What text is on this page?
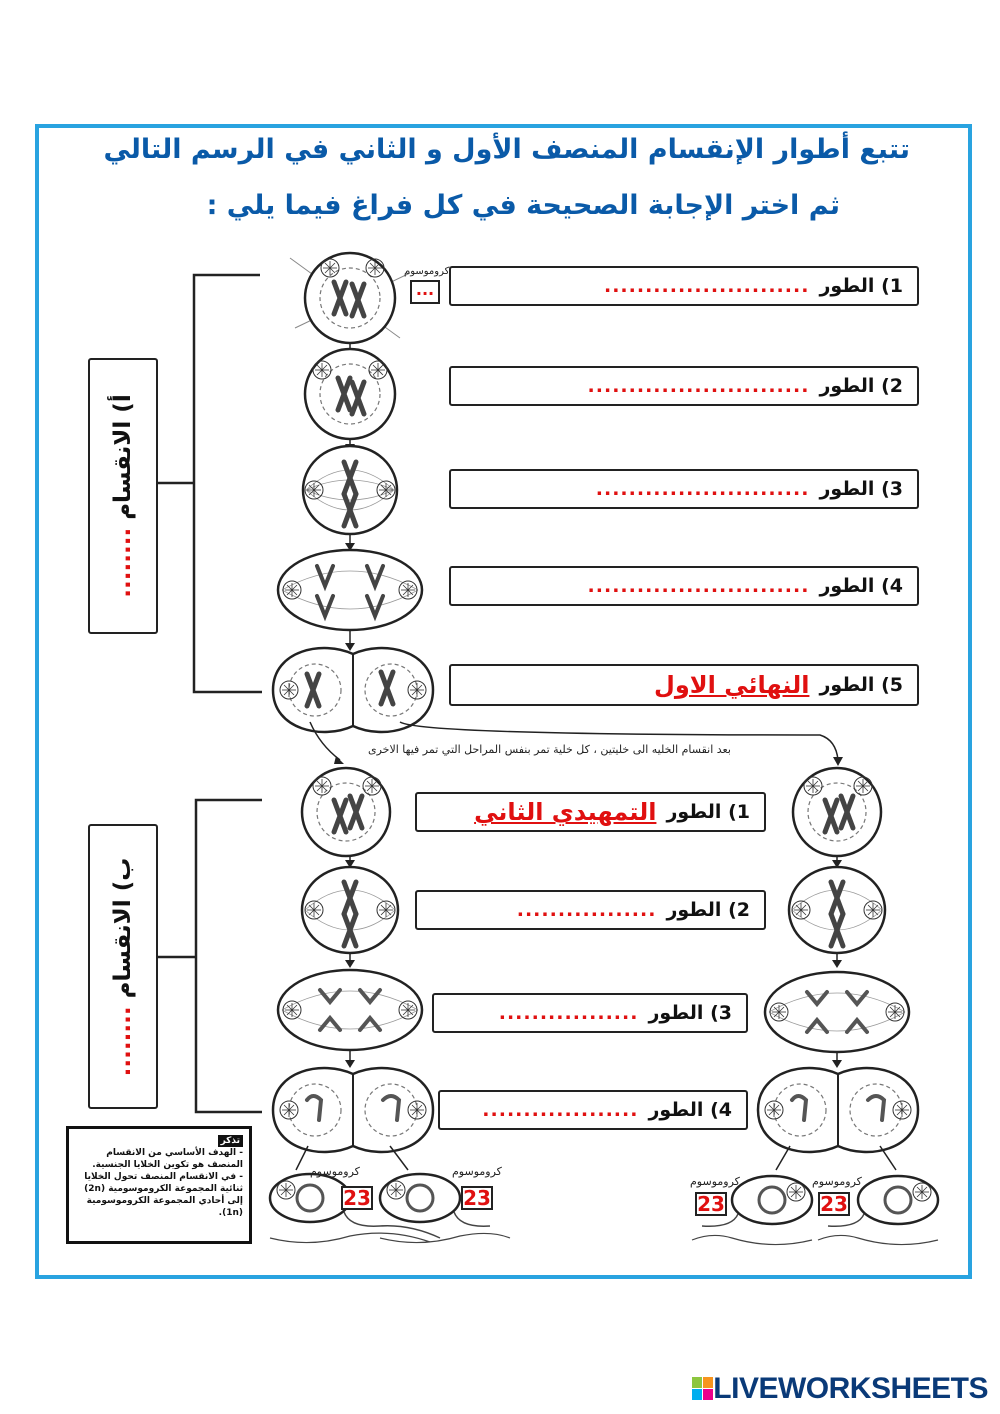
تتبع أطوار الإنقسام المنصف الأول و الثاني في الرسم التالي
ثم اختر الإجابة الصحيحة في كل فراغ فيما يلي :
كروموسوم
...	1)

الطور
.........................
2)

الطور
...........................
3)

الطور
..........................
4)

الطور
...........................
5)

الطور
النهائي الاول
بعد انقسام الخليه الى خليتين ، كل خلية تمر بنفس المراحل التي تمر فيها الاخرى
1)

الطور
التمهيدي الثاني
2)

الطور
.................
3)

الطور
.................
4)

الطور
...................
أ) الانقسام ........
ب) الانقسام ........
تذكر
- الهدف الأساسي من الانقسام المنصف هو تكوين الخلايا الجنسية.
- في الانقسام المنصف تحول الخلايا ثنائية المجموعة الكروموسومية (2n) إلى أحادي المجموعة الكروموسومية (1n).
كروموسوم
23
كروموسوم
23
كروموسوم
23
كروموسوم
23
LIVEWORKSHEETS
